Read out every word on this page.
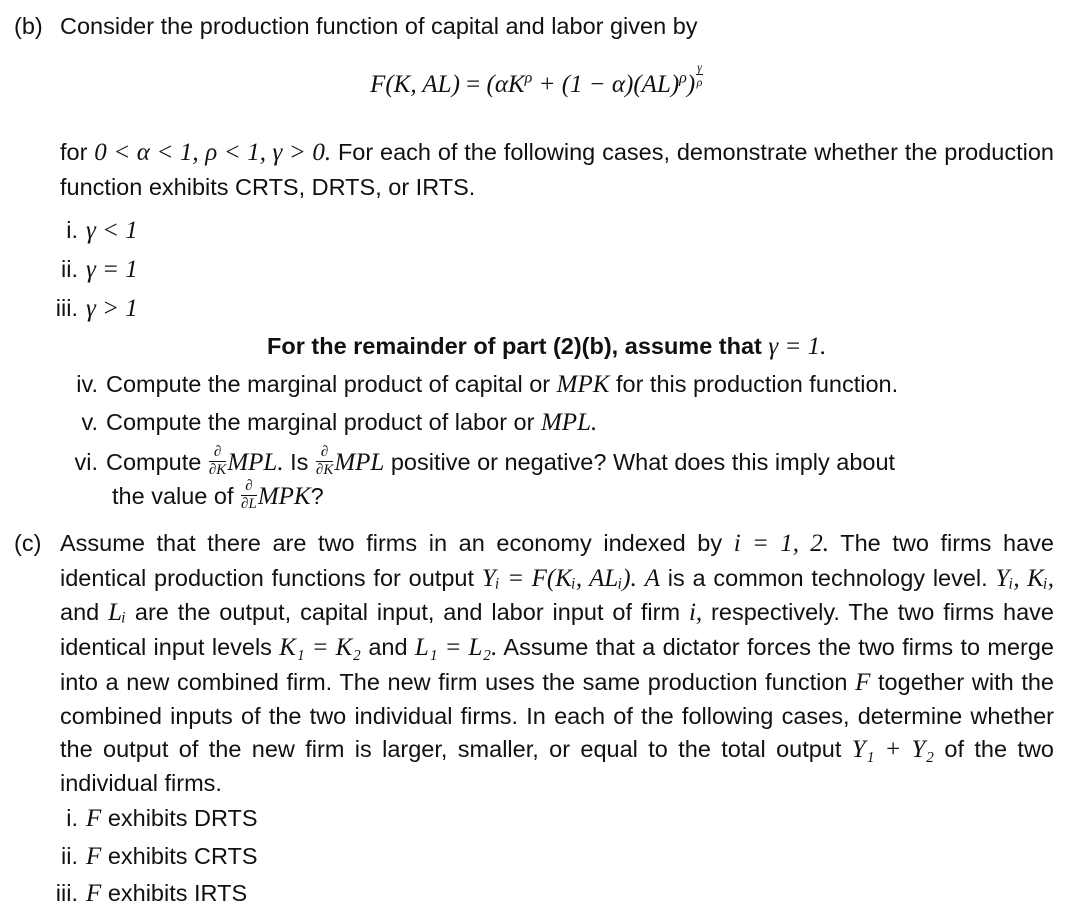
(b) Consider the production function of capital and labor given by
F(K, $AL) = (\alpha K^\rho + (1 - \alpha)(AL)^\rho) \frac{\gamma}{\rho}$
for 0 < α < 1, ρ < 1, γ > 0. For each of the following cases, demonstrate whether the production function exhibits CRTS, DRTS, or IRTS.
i. γ < 1
ii. γ = 1
iii. γ > 1
For the remainder of part (2)(b), assume that γ = 1.
iv. Compute the marginal product of capital or MPK for this production function.
v. Compute the marginal product of labor or MPL.
vi. Compute $\frac{\partial}{\partial K}$ MPL. Is $\frac{\partial}{\partial K}$ MPL positive or negative? What does this imply about
the value of $\frac{\partial}{\partial L}$ MPK?
(c) Assume that there are two firms in an economy indexed by i = 1, 2. The two firms have identical production functions for output Yᵢ = F(Kᵢ, ALᵢ). A is a common technology level. Yᵢ, Kᵢ, and Lᵢ are the output, capital input, and labor input of firm i, respectively. The two firms have identical input levels K₁ = K₂ and L₁ = L₂. Assume that a dictator forces the two firms to merge into a new combined firm. The new firm uses the same production function F together with the combined inputs of the two individual firms. In each of the following cases, determine whether the output of the new firm is larger, smaller, or equal to the total output Y₁ + Y₂ of the two individual firms.
i. F exhibits DRTS
ii. F exhibits CRTS
iii. F exhibits IRTS
